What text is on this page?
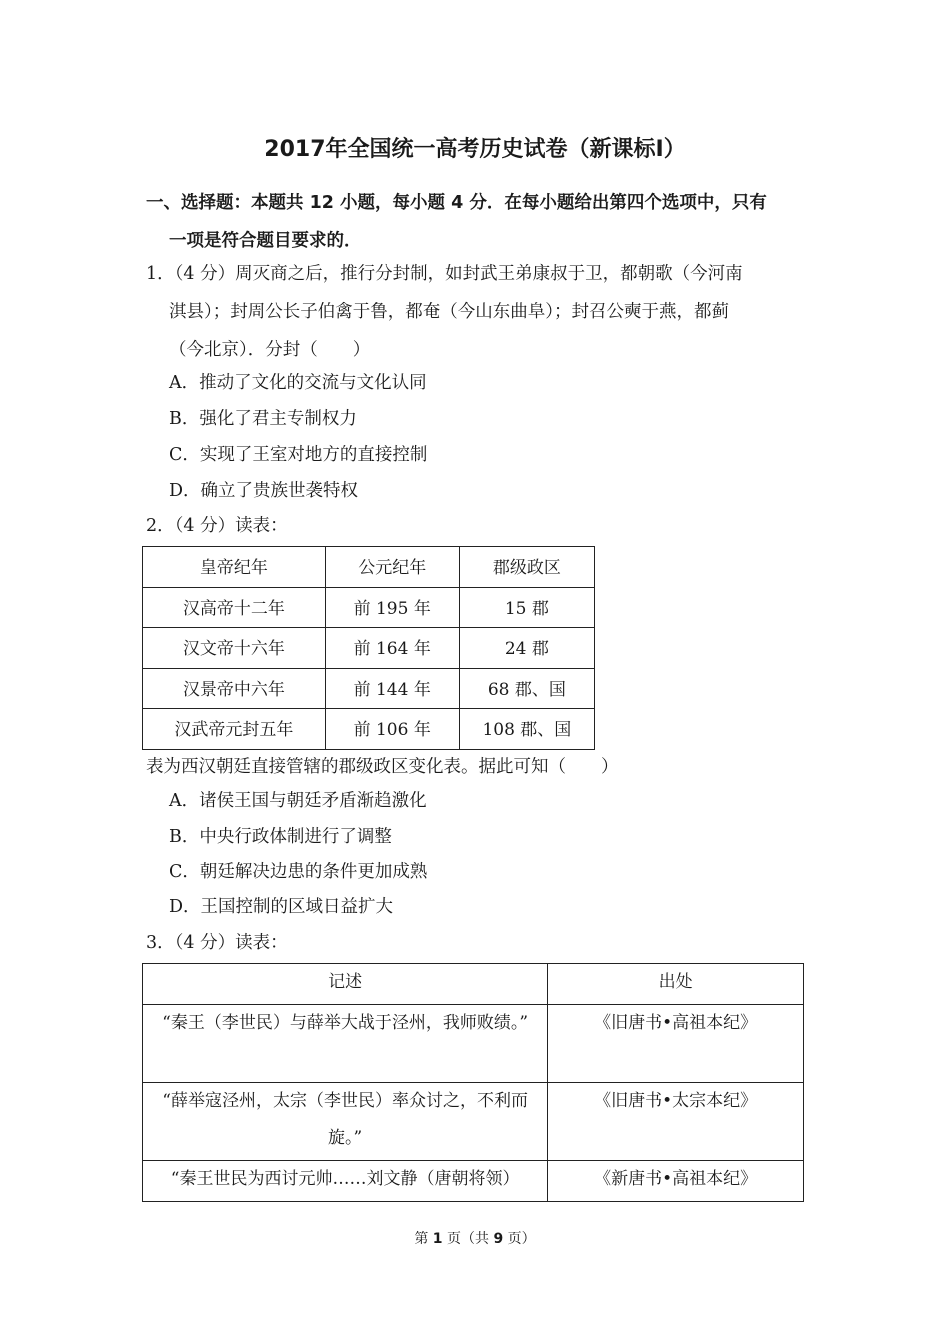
2017年全国统一高考历史试卷（新课标Ⅰ）
一、选择题：本题共 12 小题，每小题 4 分．在每小题给出第四个选项中，只有
一项是符合题目要求的．
1．（4 分）周灭商之后，推行分封制，如封武王弟康叔于卫，都朝歌（今河南
淇县）；封周公长子伯禽于鲁，都奄（今山东曲阜）；封召公奭于燕，都蓟
（今北京）．分封（　　）
A．推动了文化的交流与文化认同
B．强化了君主专制权力
C．实现了王室对地方的直接控制
D．确立了贵族世袭特权
2．（4 分）读表：
皇帝纪年	公元纪年	郡级政区
汉高帝十二年	前 195 年	15 郡
汉文帝十六年	前 164 年	24 郡
汉景帝中六年	前 144 年	68 郡、国
汉武帝元封五年	前 106 年	108 郡、国
表为西汉朝廷直接管辖的郡级政区变化表。据此可知（　　）
A．诸侯王国与朝廷矛盾渐趋激化
B．中央行政体制进行了调整
C．朝廷解决边患的条件更加成熟
D．王国控制的区域日益扩大
3．（4 分）读表：
记述	出处
“秦王（李世民）与薛举大战于泾州，我师败绩。”	《旧唐书•高祖本纪》
“薛举寇泾州，太宗（李世民）率众讨之，不利而旋。”	《旧唐书•太宗本纪》
“秦王世民为西讨元帅……刘文静（唐朝将领）	《新唐书•高祖本纪》
第 1 页（共 9 页）
